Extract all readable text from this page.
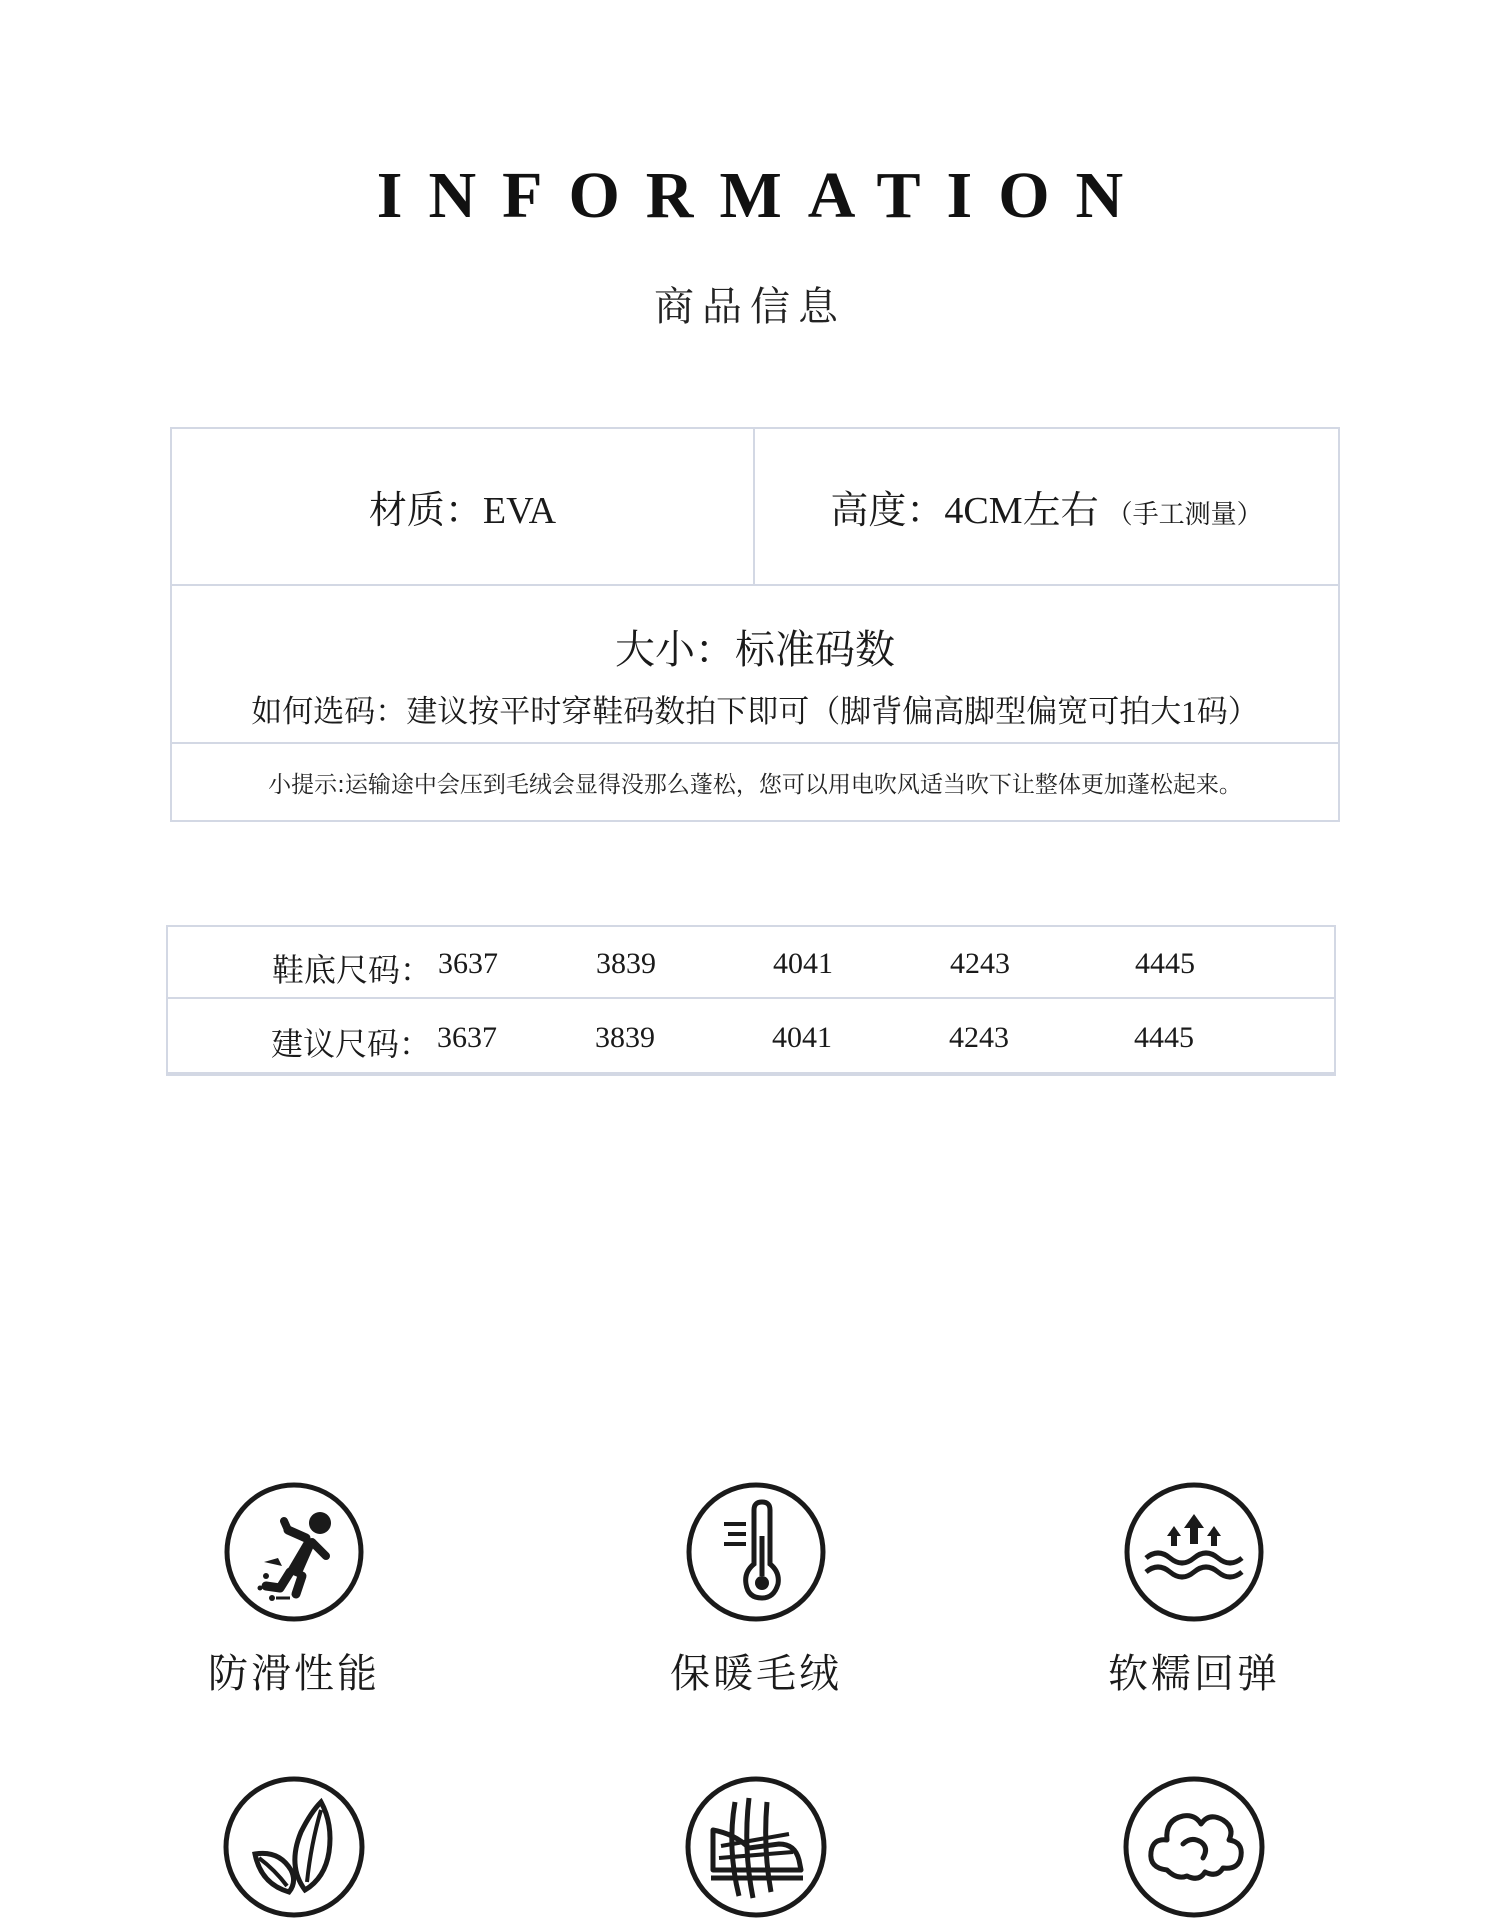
INFORMATION
商品信息
材质：EVA	高度：4CM左右 （手工测量）
大小：标准码数
如何选码：建议按平时穿鞋码数拍下即可（脚背偏高脚型偏宽可拍大1码）
小提示:运输途中会压到毛绒会显得没那么蓬松，您可以用电吹风适当吹下让整体更加蓬松起来。
鞋底尺码： 3637	3839	4041	4243	4445
建议尺码： 3637	3839	4041	4243	4445
防滑性能	保暖毛绒	软糯回弹
